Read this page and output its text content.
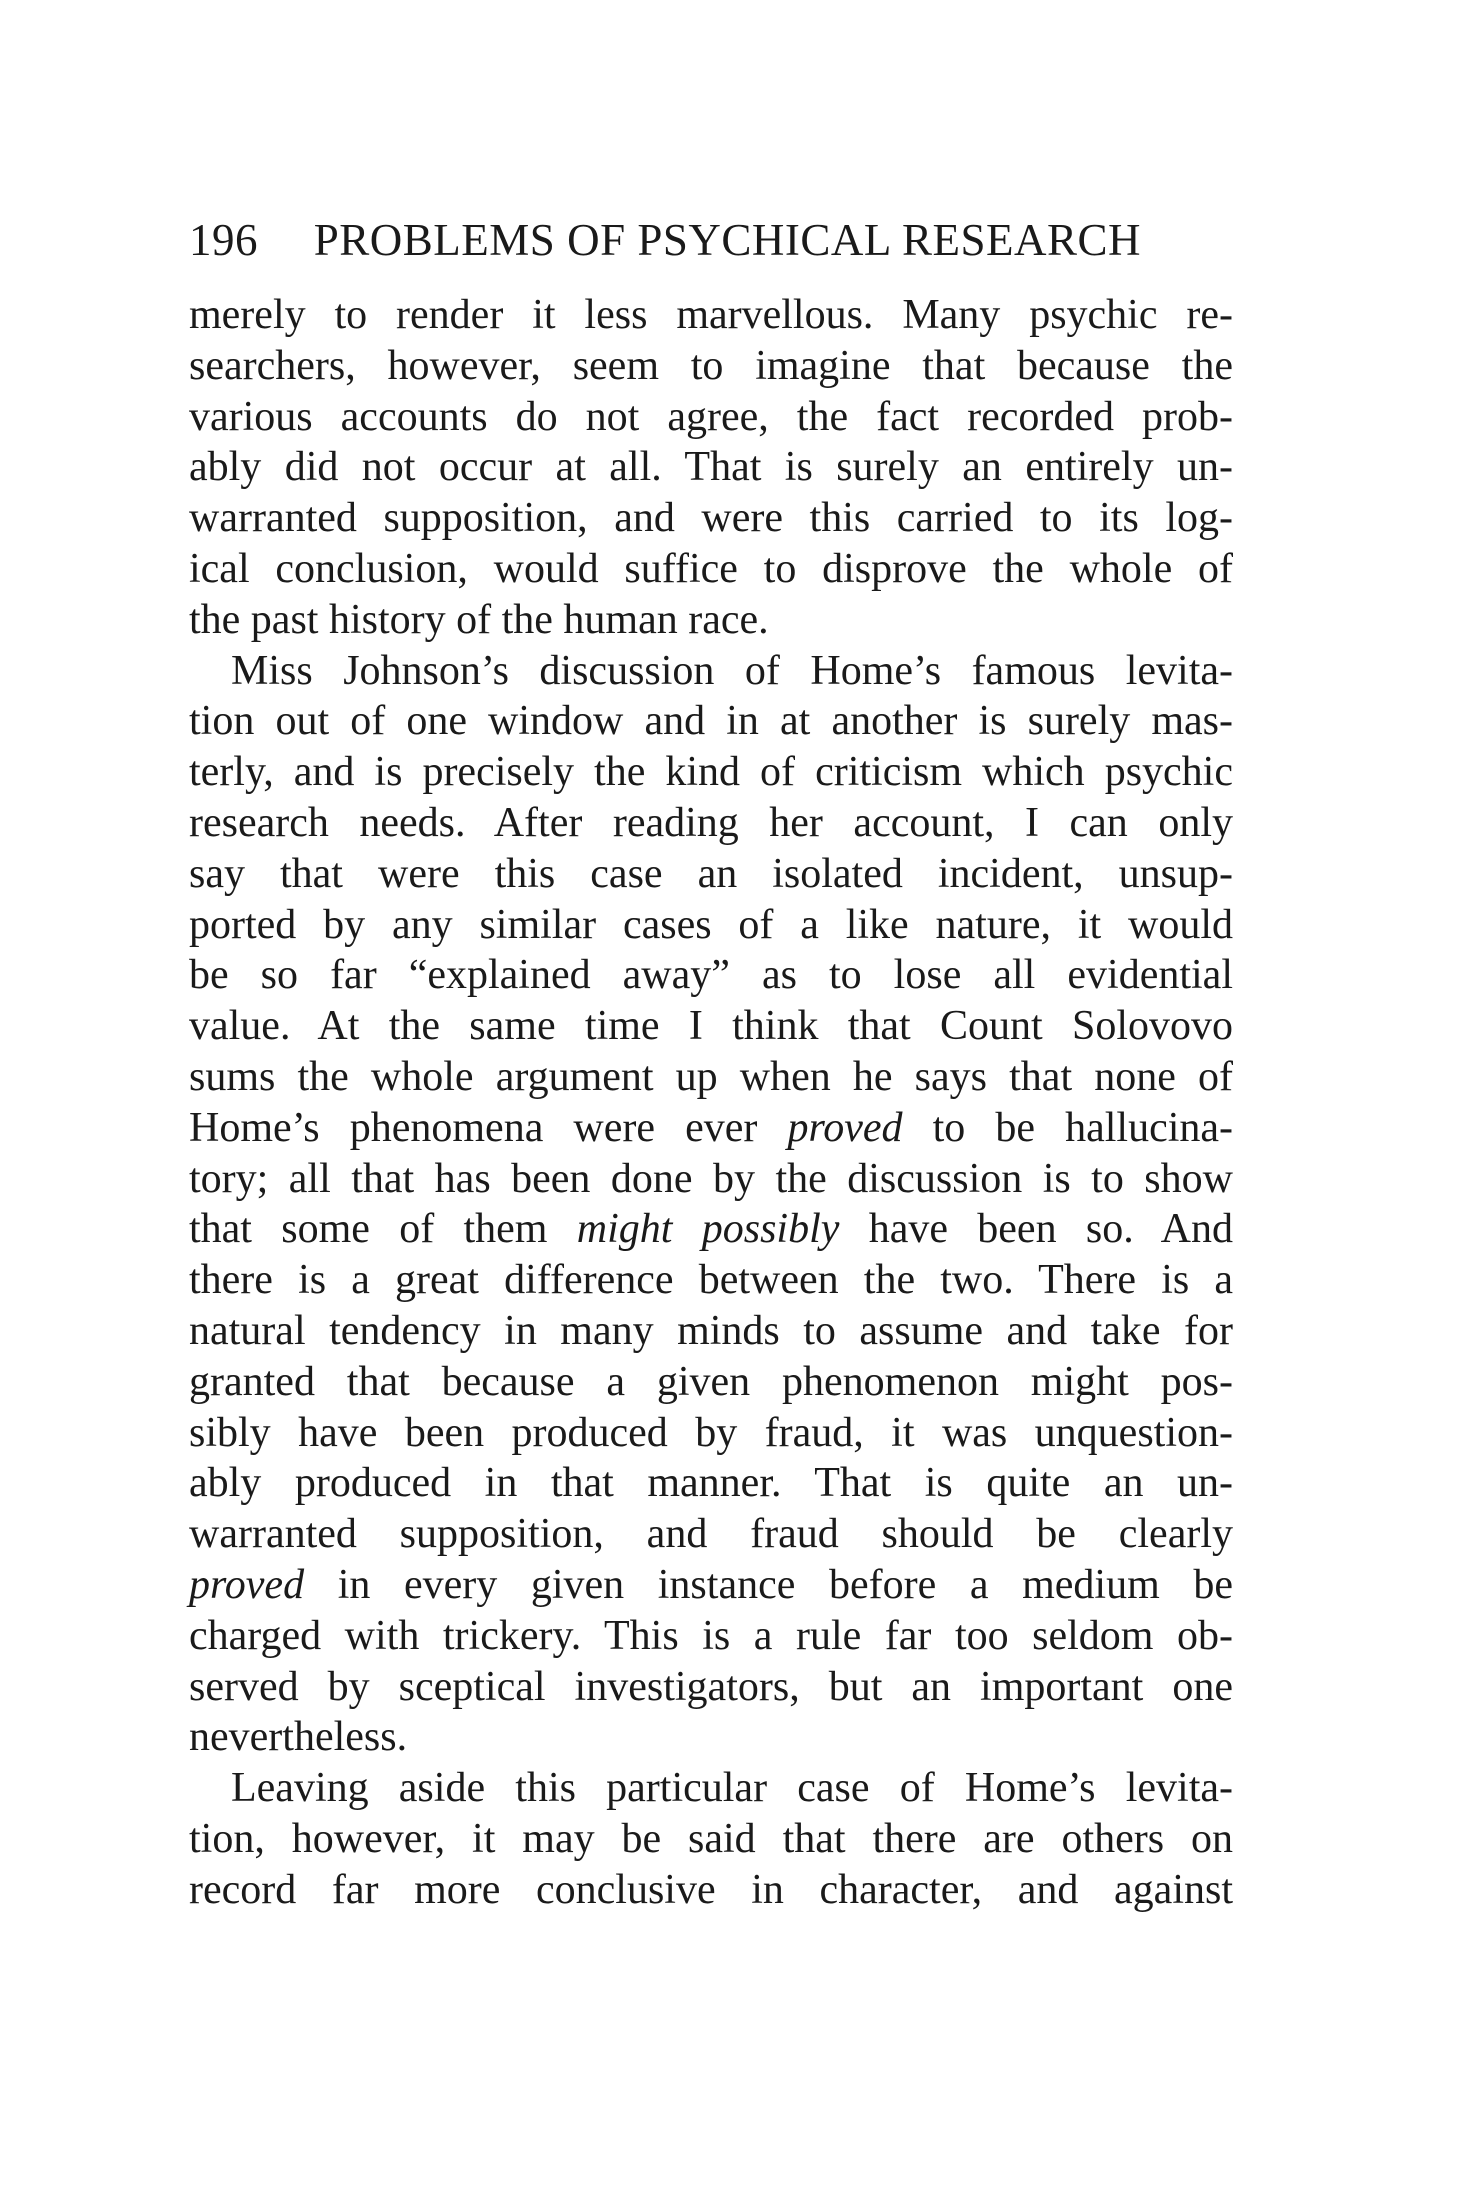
196 PROBLEMS OF PSYCHICAL RESEARCH
merely to render it less marvellous. Many psychic re-
searchers, however, seem to imagine that because the
various accounts do not agree, the fact recorded prob-
ably did not occur at all. That is surely an entirely un-
warranted supposition, and were this carried to its log-
ical conclusion, would suffice to disprove the whole of
the past history of the human race.
Miss Johnson’s discussion of Home’s famous levita-
tion out of one window and in at another is surely mas-
terly, and is precisely the kind of criticism which psychic
research needs. After reading her account, I can only
say that were this case an isolated incident, unsup-
ported by any similar cases of a like nature, it would
be so far “explained away” as to lose all evidential
value. At the same time I think that Count Solovovo
sums the whole argument up when he says that none of
Home’s phenomena were ever proved to be hallucina-
tory; all that has been done by the discussion is to show
that some of them might possibly have been so. And
there is a great difference between the two. There is a
natural tendency in many minds to assume and take for
granted that because a given phenomenon might pos-
sibly have been produced by fraud, it was unquestion-
ably produced in that manner. That is quite an un-
warranted supposition, and fraud should be clearly
proved in every given instance before a medium be
charged with trickery. This is a rule far too seldom ob-
served by sceptical investigators, but an important one
nevertheless.
Leaving aside this particular case of Home’s levita-
tion, however, it may be said that there are others on
record far more conclusive in character, and against
